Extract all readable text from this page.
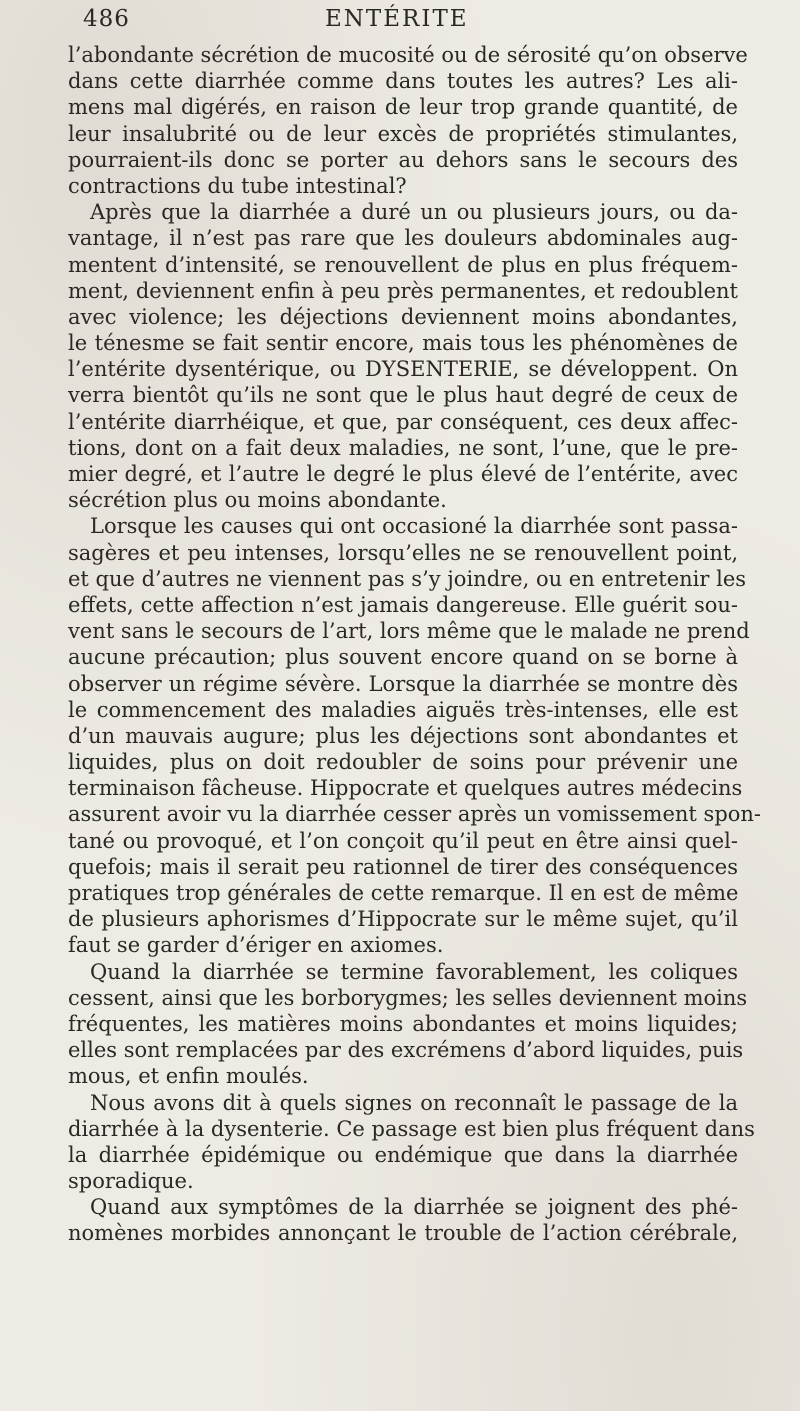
486	ENTÉRITE
l’abondante sécrétion de mucosité ou de sérosité qu’on observe
dans cette diarrhée comme dans toutes les autres? Les ali-
mens mal digérés, en raison de leur trop grande quantité, de
leur insalubrité ou de leur excès de propriétés stimulantes,
pourraient-ils donc se porter au dehors sans le secours des
contractions du tube intestinal?
Après que la diarrhée a duré un ou plusieurs jours, ou da-
vantage, il n’est pas rare que les douleurs abdominales aug-
mentent d’intensité, se renouvellent de plus en plus fréquem-
ment, deviennent enfin à peu près permanentes, et redoublent
avec violence; les déjections deviennent moins abondantes,
le ténesme se fait sentir encore, mais tous les phénomènes de
l’entérite dysentérique, ou DYSENTERIE, se développent. On
verra bientôt qu’ils ne sont que le plus haut degré de ceux de
l’entérite diarrhéique, et que, par conséquent, ces deux affec-
tions, dont on a fait deux maladies, ne sont, l’une, que le pre-
mier degré, et l’autre le degré le plus élevé de l’entérite, avec
sécrétion plus ou moins abondante.
Lorsque les causes qui ont occasioné la diarrhée sont passa-
sagères et peu intenses, lorsqu’elles ne se renouvellent point,
et que d’autres ne viennent pas s’y joindre, ou en entretenir les
effets, cette affection n’est jamais dangereuse. Elle guérit sou-
vent sans le secours de l’art, lors même que le malade ne prend
aucune précaution; plus souvent encore quand on se borne à
observer un régime sévère. Lorsque la diarrhée se montre dès
le commencement des maladies aiguës très-intenses, elle est
d’un mauvais augure; plus les déjections sont abondantes et
liquides, plus on doit redoubler de soins pour prévenir une
terminaison fâcheuse. Hippocrate et quelques autres médecins
assurent avoir vu la diarrhée cesser après un vomissement spon-
tané ou provoqué, et l’on conçoit qu’il peut en être ainsi quel-
quefois; mais il serait peu rationnel de tirer des conséquences
pratiques trop générales de cette remarque. Il en est de même
de plusieurs aphorismes d’Hippocrate sur le même sujet, qu’il
faut se garder d’ériger en axiomes.
Quand la diarrhée se termine favorablement, les coliques
cessent, ainsi que les borborygmes; les selles deviennent moins
fréquentes, les matières moins abondantes et moins liquides;
elles sont remplacées par des excrémens d’abord liquides, puis
mous, et enfin moulés.
Nous avons dit à quels signes on reconnaît le passage de la
diarrhée à la dysenterie. Ce passage est bien plus fréquent dans
la diarrhée épidémique ou endémique que dans la diarrhée
sporadique.
Quand aux symptômes de la diarrhée se joignent des phé-
nomènes morbides annonçant le trouble de l’action cérébrale,
